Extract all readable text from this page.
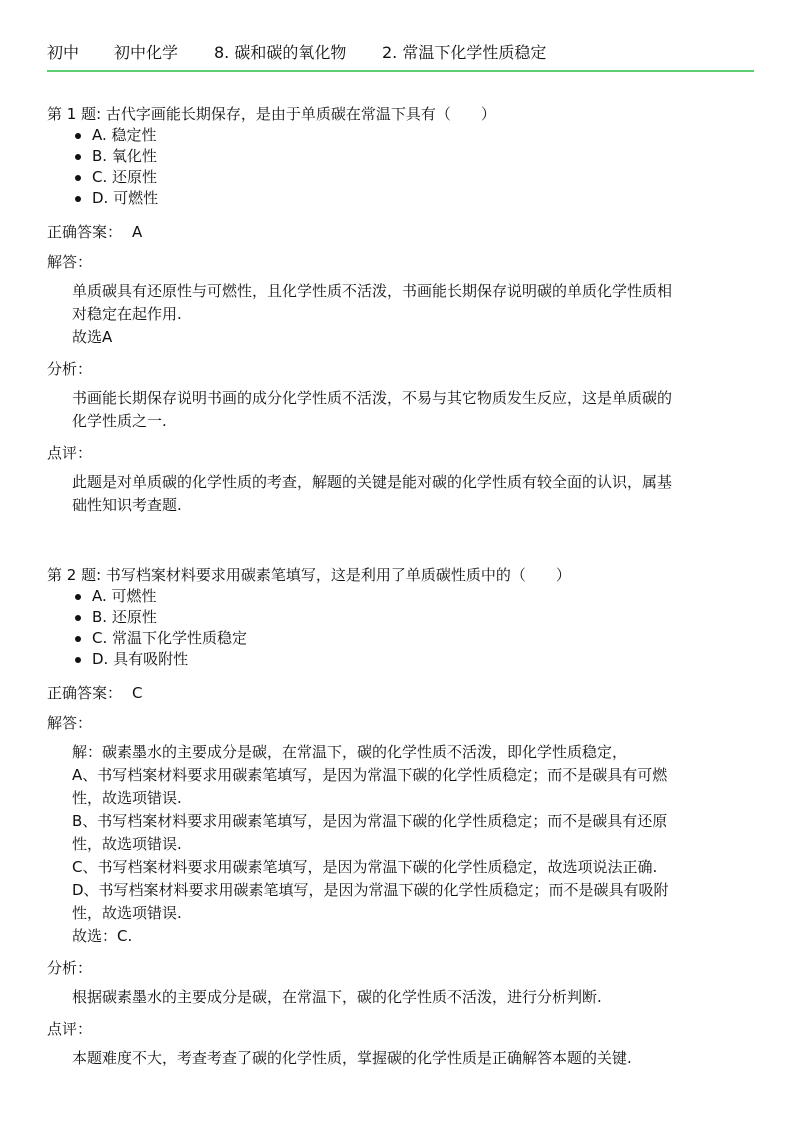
初中	初中化学	8. 碳和碳的氧化物	2. 常温下化学性质稳定

第 1 题: 古代字画能长期保存，是由于单质碳在常温下具有（　　）

A. 稳定性
B. 氧化性
C. 还原性
D. 可燃性
正确答案： A
解答：

单质碳具有还原性与可燃性，且化学性质不活泼，书画能长期保存说明碳的单质化学性质相

对稳定在起作用.

故选A

分析：

书画能长期保存说明书画的成分化学性质不活泼，不易与其它物质发生反应，这是单质碳的

化学性质之一.

点评：

此题是对单质碳的化学性质的考查，解题的关键是能对碳的化学性质有较全面的认识，属基

础性知识考查题.

第 2 题: 书写档案材料要求用碳素笔填写，这是利用了单质碳性质中的（　　）

A. 可燃性
B. 还原性
C. 常温下化学性质稳定
D. 具有吸附性
正确答案： C
解答：

解：碳素墨水的主要成分是碳，在常温下，碳的化学性质不活泼，即化学性质稳定，

A、书写档案材料要求用碳素笔填写，是因为常温下碳的化学性质稳定；而不是碳具有可燃

性，故选项错误.

B、书写档案材料要求用碳素笔填写，是因为常温下碳的化学性质稳定；而不是碳具有还原

性，故选项错误.

C、书写档案材料要求用碳素笔填写，是因为常温下碳的化学性质稳定，故选项说法正确.

D、书写档案材料要求用碳素笔填写，是因为常温下碳的化学性质稳定；而不是碳具有吸附

性，故选项错误.

故选：C.

分析：

根据碳素墨水的主要成分是碳，在常温下，碳的化学性质不活泼，进行分析判断.

点评：

本题难度不大，考查考查了碳的化学性质，掌握碳的化学性质是正确解答本题的关键.
